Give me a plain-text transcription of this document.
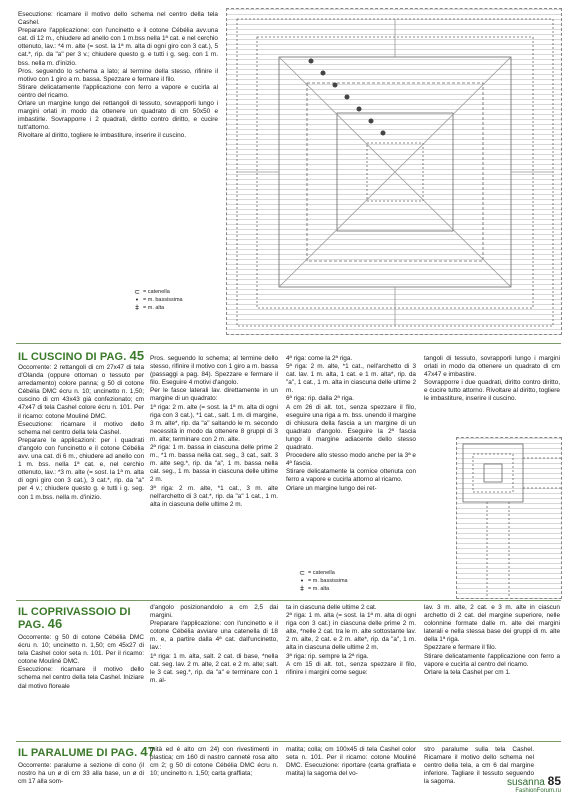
Esecuzione: ricamare il motivo dello schema nel centro della tela Cashel.

Preparare l'applicazione: con l'uncinetto e il cotone Cébélia avv.una cat. di 12 m., chiudere ad anello con 1 m.bss nella 1ª cat. e nel cerchio ottenuto, lav.: *4 m. alte (= sost. la 1ª m. alta di ogni giro con 3 cat.), 5 cat.*, rip. da "a" per 3 v.; chiudere questo g. e tutti i g. seg. con 1 m. bss. nella m. d'inizio.

Pros. seguendo lo schema a lato; al termine della stesso, rifinire il motivo con 1 giro a m. bassa. Spezzare e fermare il filo.

Stirare delicatamente l'applicazione con ferro a vapore e cucirla al centro del ricamo.

Orlare un margine lungo dei rettangoli di tessuto, sovrapporli lungo i margini orlati in modo da ottenere un quadrato di cm 50x50 e imbastirle. Sovrapporre i 2 quadrati, diritto contro diritto, e cucire tutt'attorno.

Rivoltare al diritto, togliere le imbastiture, inserire il cuscino.

⊂ = catenella
• = m. bassissima
ǂ = m. alta
IL CUSCINO DI PAG. 45

Occorrente: 2 rettangoli di cm 27x47 di tela d'Olanda (oppure ottoman o tessuto per arredamento) colore panna; g 50 di cotone Cébélia DMC écru n. 10; uncinetto n. 1,50; cuscino di cm 43x43 già confezionato; cm 47x47 di tela Cashel colore écru n. 101. Per il ricamo: cotone Mouliné DMC.

Esecuzione: ricamare il motivo dello schema nel centro della tela Cashel.

Preparare le applicazioni: per i quadrati d'angolo con l'uncinetto e il cotone Cébélia avv. una cat. di 6 m., chiudere ad anello con 1 m. bss. nella 1ª cat. e, nel cerchio ottenuto, lav.: *3 m. alte (= sost. la 1ª m. alta di ogni giro con 3 cat.), 3 cat.*, rip. da "a" per 4 v.; chiudere questo g. e tutti i g. seg. con 1 m.bss. nella m. d'inizio.

Pros. seguendo lo schema; al termine dello stesso, rifinire il motivo con 1 giro a m. bassa (passaggi a pag. 84). Spezzare e fermare il filo. Eseguire 4 motivi d'angolo.

Per le fasce laterali lav. direttamente in un margine di un quadrato:

1ª riga: 2 m. alte (= sost. la 1ª m. alta di ogni riga con 3 cat.), *1 cat., salt. 1 m. di margine, 3 m. alte*, rip. da "a" saltando le m. secondo necessità in modo da ottenere 8 gruppi di 3 m. alte; terminare con 2 m. alte.

2ª riga: 1 m. bassa in ciascuna delle prime 2 m., *1 m. bassa nella cat. seg., 3 cat., salt. 3 m. alte seg.*, rip. da "a", 1 m. bassa nella cat. seg., 1 m. bassa in ciascuna delle ultime 2 m.

3ª riga: 2 m. alte, *1 cat., 3 m. alte nell'archetto di 3 cat.*, rip. da "a" 1 cat., 1 m. alta in ciascuna delle ultime 2 m.

4ª riga: come la 2ª riga.

5ª riga: 2 m. alte, *1 cat., nell'archetto di 3 cat. lav. 1 m. alta, 1 cat. e 1 m. alta*, rip. da "a", 1 cat., 1 m. alta in ciascuna delle ultime 2 m.

6ª riga: rip. dalla 2ª riga.

A cm 26 di alt. tot., senza spezzare il filo, eseguire una riga a m. bss. unendo il margine di chiusura della fascia a un margine di un quadrato d'angolo. Eseguire la 2ª fascia lungo il margine adiacente dello stesso quadrato.

Procedere allo stesso modo anche per la 3ª e 4ª fascia.

Stirare delicatamente la cornice ottenuta con ferro a vapore e cucirla attorno al ricamo.

Orlare un margine lungo dei ret-

tangoli di tessuto, sovrapporli lungo i margini orlati in modo da ottenere un quadrato di cm 47x47 e imbastire.

Sovrapporre i due quadrati, diritto contro diritto, e cucire tutto attorno. Rivoltare al diritto, togliere le imbastiture, inserire il cuscino.

⊂ = catenella
• = m. bassissima
ǂ = m. alta
IL COPRIVASSOIO DI PAG. 46

Occorrente: g 50 di cotone Cébélia DMC écru n. 10; uncinetto n. 1,50; cm 45x27 di tela Cashel color seta n. 101. Per il ricamo: cotone Mouliné DMC.

Esecuzione: ricamare il motivo dello schema nel centro della tela Cashel. Iniziare dal motivo floreale

d'angolo posizionandolo a cm 2,5 dai margini.

Preparare l'applicazione: con l'uncinetto e il cotone Cébélia avviare una catenella di 18 m. e, a partire dalla 4ª cat. dall'uncinetto, lav.:

1ª riga: 1 m. alta, salt. 2 cat. di base, *nella cat. seg. lav. 2 m. alte, 2 cat. e 2 m. alte; salt. le 3 cat. seg.*, rip. da "a" e terminare con 1 m. al-

ta in ciascuna delle ultime 2 cat.

2ª riga: 1 m. alta (= sost. la 1ª m. alta di ogni riga con 3 cat.) in ciascuna delle prime 2 m. alte, *nelle 2 cat. tra le m. alte sottostante lav. 2 m. alte, 2 cat. e 2 m. alte*, rip. da "a", 1 m. alta in ciascuna delle ultime 2 m.

3ª riga: rip. sempre la 2ª riga.

A cm 15 di alt. tot., senza spezzare il filo, rifinire i margini come segue:

lav. 3 m. alte, 2 cat. e 3 m. alte in ciascun archetto di 2 cat. del margine superiore, nelle colonnine formate dalle m. alte dei margini laterali e nella stessa base dei gruppi di m. alte della 1ª riga.

Spezzare e fermare il filo.

Stirare delicatamente l'applicazione con ferro a vapore e cucirla al centro del ricamo.

Orlare la tela Cashel per cm 1.

IL PARALUME DI PAG. 47

Occorrente: paralume a sezione di cono (il nostro ha un ø di cm 33 alla base, un ø di cm 17 alla som-

mità ed è alto cm 24) con rivestimenti in plastica; cm 160 di nastro canneté rosa alto cm 2; g 50 di cotone Cébélia DMC écru n. 10; uncinetto n. 1,50; carta graffiata;

matita; colla; cm 100x45 di tela Cashel color seta n. 101. Per il ricamo: cotone Mouliné DMC. Esecuzione: riportare (carta graffiata e matita) la sagoma del vo-

stro paralume sulla tela Cashel. Ricamare il motivo dello schema nel centro della tela, a cm 6 dal margine inferiore. Tagliare il tessuto seguendo la sagoma.	susanna 85
FashionForum.ru
